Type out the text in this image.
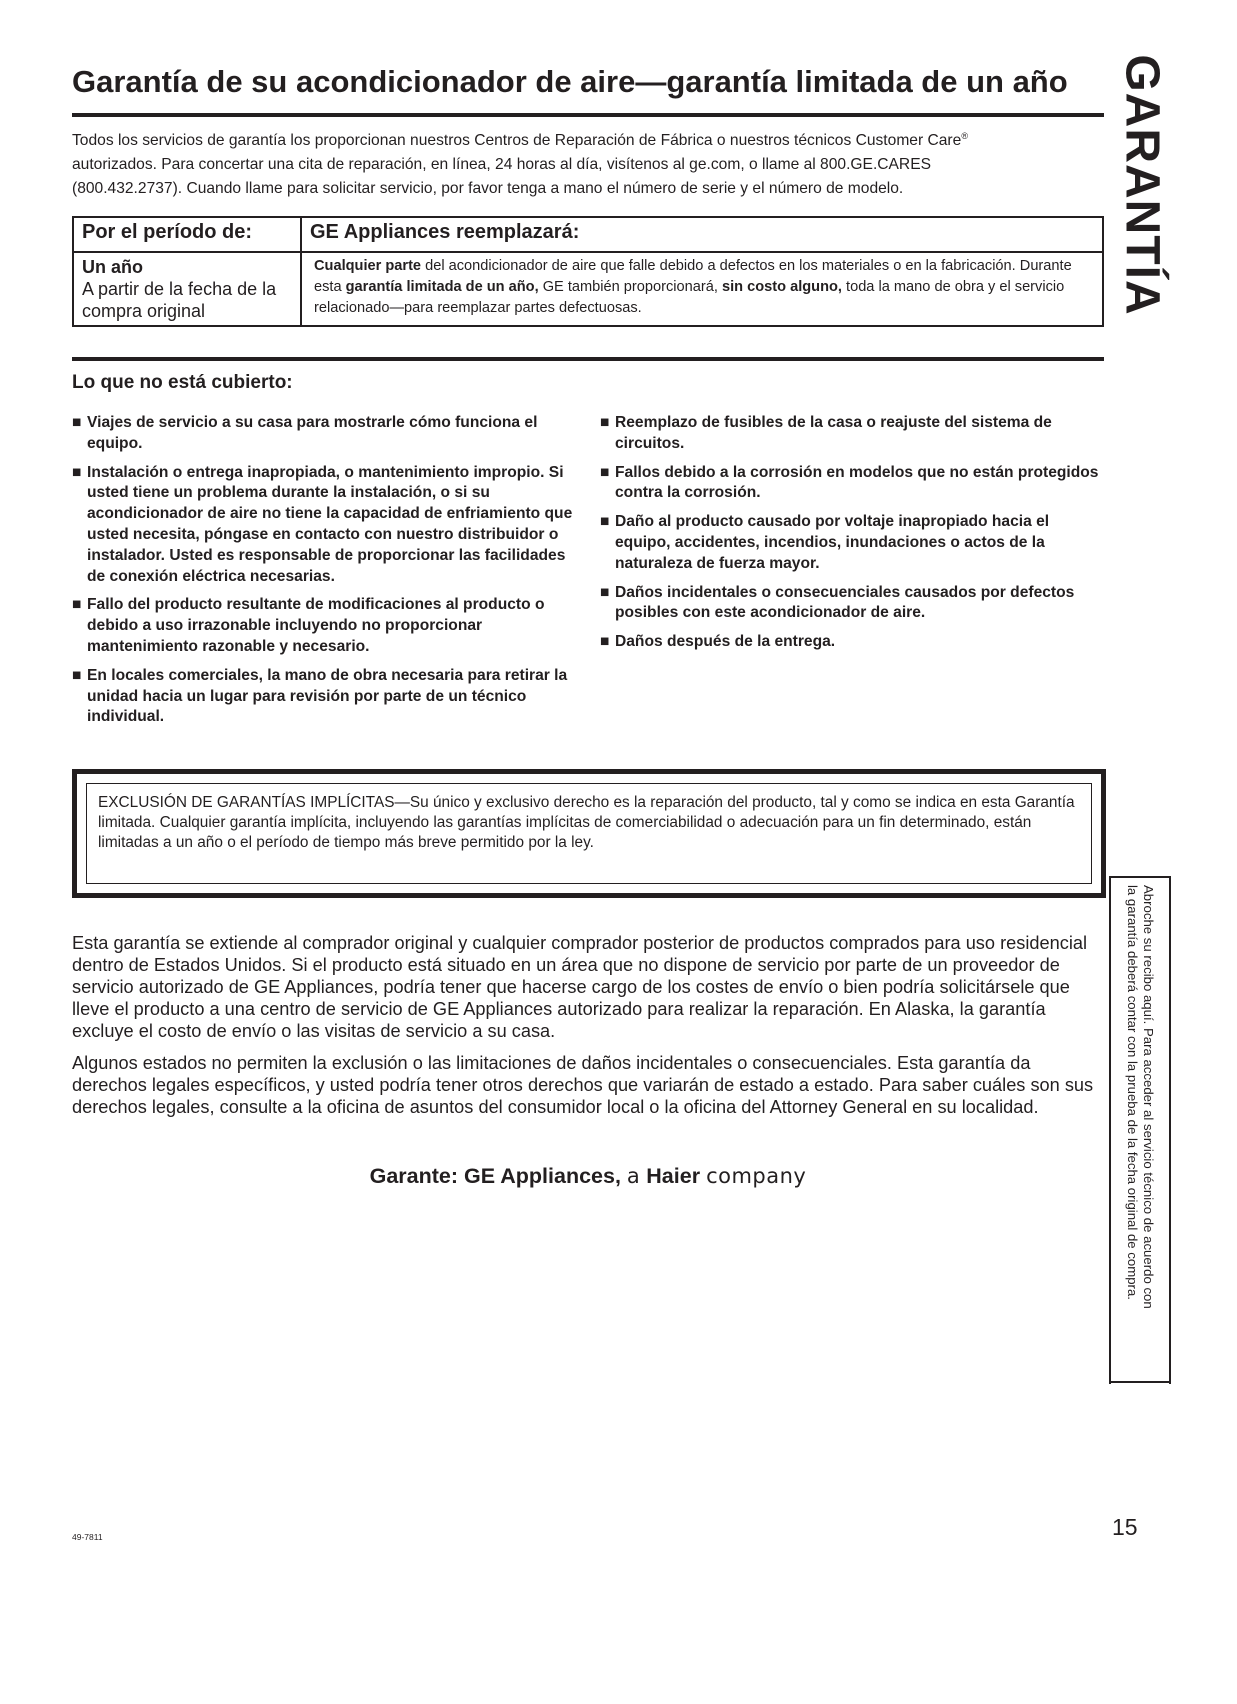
Garantía de su acondicionador de aire—garantía limitada de un año GARANTÍA
Todos los servicios de garantía los proporcionan nuestros Centros de Reparación de Fábrica o nuestros técnicos Customer Care®
autorizados. Para concertar una cita de reparación, en línea, 24 horas al día, visítenos al ge.com, o llame al 800.GE.CARES
(800.432.2737). Cuando llame para solicitar servicio, por favor tenga a mano el número de serie y el número de modelo.
Por el período de:	GE Appliances reemplazará:

Un año
A partir de la fecha de la compra original	Cualquier parte del acondicionador de aire que falle debido a defectos en los materiales o en la fabricación. Durante esta garantía limitada de un año, GE también proporcionará, sin costo alguno, toda la mano de obra y el servicio relacionado—para reemplazar partes defectuosas.
Lo que no está cubierto:
■ Viajes de servicio a su casa para mostrarle cómo funciona el equipo.
■ Instalación o entrega inapropiada, o mantenimiento impropio. Si usted tiene un problema durante la instalación, o si su acondicionador de aire no tiene la capacidad de enfriamiento que usted necesita, póngase en contacto con nuestro distribuidor o instalador. Usted es responsable de proporcionar las facilidades de conexión eléctrica necesarias.
■ Fallo del producto resultante de modificaciones al producto o debido a uso irrazonable incluyendo no proporcionar mantenimiento razonable y necesario.
■ En locales comerciales, la mano de obra necesaria para retirar la unidad hacia un lugar para revisión por parte de un técnico individual.
■ Reemplazo de fusibles de la casa o reajuste del sistema de circuitos.
■ Fallos debido a la corrosión en modelos que no están protegidos contra la corrosión.
■ Daño al producto causado por voltaje inapropiado hacia el equipo, accidentes, incendios, inundaciones o actos de la naturaleza de fuerza mayor.
■ Daños incidentales o consecuenciales causados por defectos posibles con este acondicionador de aire.
■ Daños después de la entrega.
EXCLUSIÓN DE GARANTÍAS IMPLÍCITAS—Su único y exclusivo derecho es la reparación del producto, tal y como se indica en esta Garantía limitada. Cualquier garantía implícita, incluyendo las garantías implícitas de comerciabilidad o adecuación para un fin determinado, están limitadas a un año o el período de tiempo más breve permitido por la ley.
Esta garantía se extiende al comprador original y cualquier comprador posterior de productos comprados para uso residencial dentro de Estados Unidos. Si el producto está situado en un área que no dispone de servicio por parte de un proveedor de servicio autorizado de GE Appliances, podría tener que hacerse cargo de los costes de envío o bien podría solicitársele que lleve el producto a una centro de servicio de GE Appliances autorizado para realizar la reparación. En Alaska, la garantía excluye el costo de envío o las visitas de servicio a su casa.
Algunos estados no permiten la exclusión o las limitaciones de daños incidentales o consecuenciales. Esta garantía da derechos legales específicos, y usted podría tener otros derechos que variarán de estado a estado. Para saber cuáles son sus derechos legales, consulte a la oficina de asuntos del consumidor local o la oficina del Attorney General en su localidad.
Garante: GE Appliances, a Haier company	Abroche su recibo aquí. Para acceder al servicio técnico de acuerdo con
la garantía deberá contar con la prueba de la fecha original de compra.
49-7811	15
